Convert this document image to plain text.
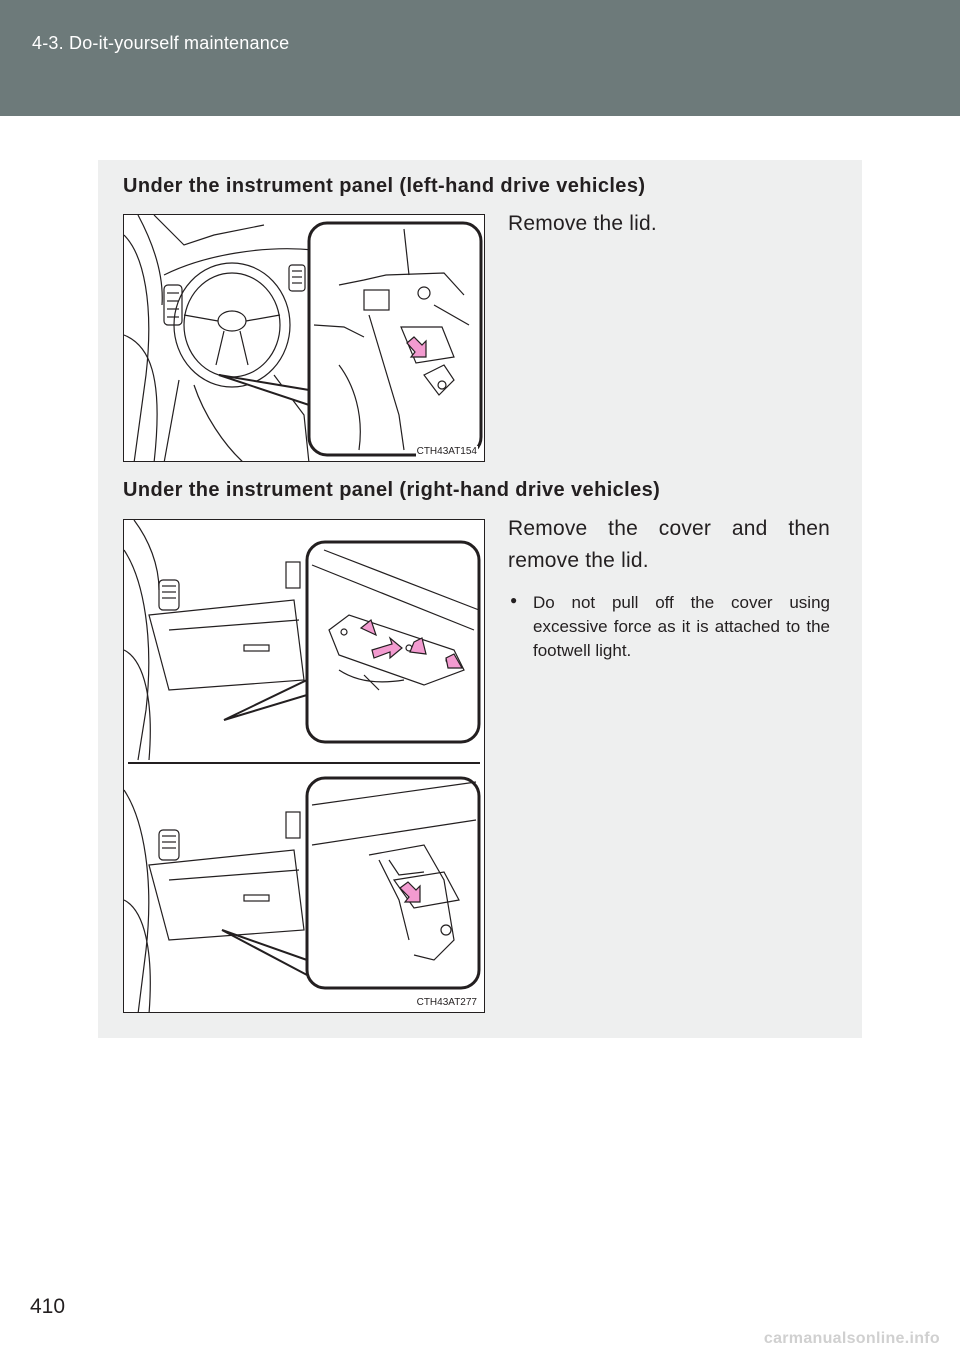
4-3. Do-it-yourself maintenance
Under the instrument panel (left-hand drive vehicles)
CTH43AT154
Remove the lid.
Under the instrument panel (right-hand drive vehicles)
CTH43AT277
Remove the cover and then remove the lid.
● Do not pull off the cover using excessive force as it is attached to the footwell light.
410
carmanualsonline.info
